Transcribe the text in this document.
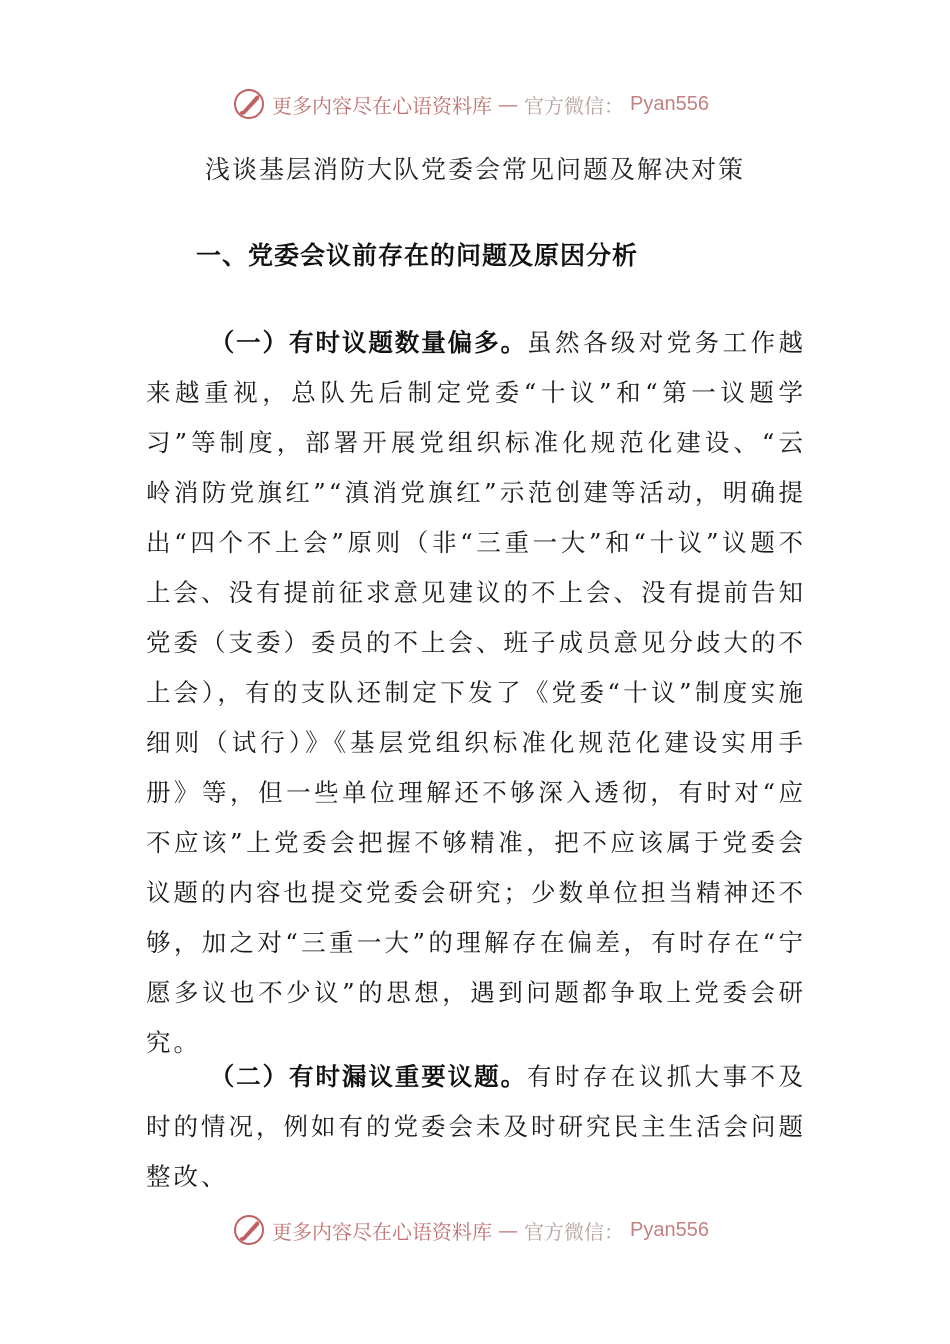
更多内容尽在心语资料库 — 官方微信： Pyan556
浅谈基层消防大队党委会常见问题及解决对策
一、党委会议前存在的问题及原因分析

（一）有时议题数量偏多。虽然各级对党务工作越来越重视，总队先后制定党委“十议”和“第一议题学习”等制度，部署开展党组织标准化规范化建设、“云岭消防党旗红”“滇消党旗红”示范创建等活动，明确提出“四个不上会”原则（非“三重一大”和“十议”议题不上会、没有提前征求意见建议的不上会、没有提前告知党委（支委）委员的不上会、班子成员意见分歧大的不上会），有的支队还制定下发了《党委“十议”制度实施细则（试行）》《基层党组织标准化规范化建设实用手册》等，但一些单位理解还不够深入透彻，有时对“应不应该”上党委会把握不够精准，把不应该属于党委会议题的内容也提交党委会研究；少数单位担当精神还不够，加之对“三重一大”的理解存在偏差，有时存在“宁愿多议也不少议”的思想，遇到问题都争取上党委会研究。

（二）有时漏议重要议题。有时存在议抓大事不及时的情况，例如有的党委会未及时研究民主生活会问题整改、

更多内容尽在心语资料库 — 官方微信： Pyan556
